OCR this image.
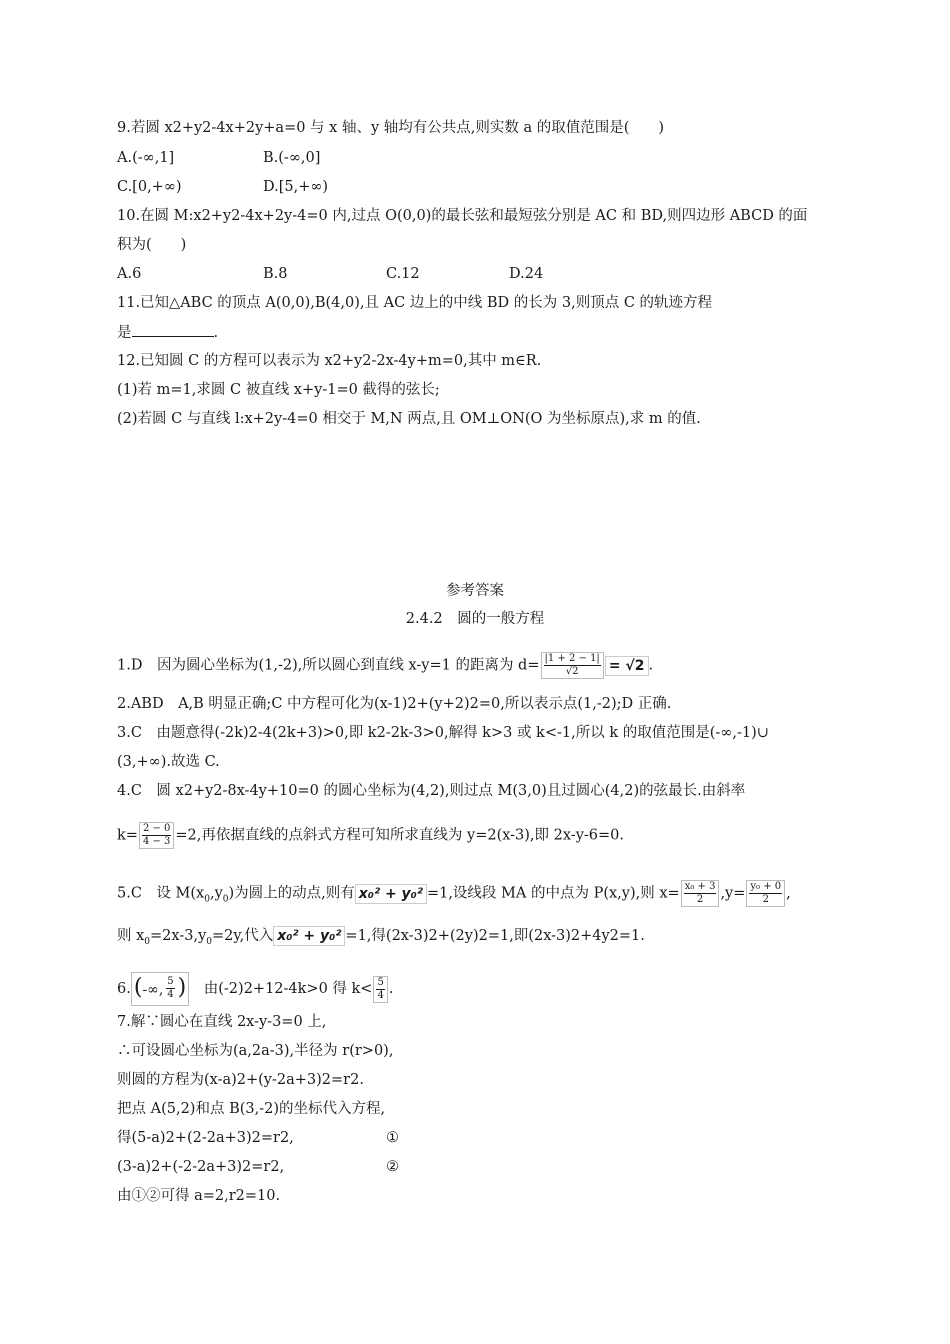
9.若圆 x2+y2-4x+2y+a=0 与 x 轴、y 轴均有公共点,则实数 a 的取值范围是(　　)
A.(-∞,1]	B.(-∞,0]
C.[0,+∞)	D.[5,+∞)
10.在圆 M:x2+y2-4x+2y-4=0 内,过点 O(0,0)的最长弦和最短弦分别是 AC 和 BD,则四边形 ABCD 的面
积为(　　)
A.6	B.8	C.12	D.24
11.已知△ABC 的顶点 A(0,0),B(4,0),且 AC 边上的中线 BD 的长为 3,则顶点 C 的轨迹方程
是	.
12.已知圆 C 的方程可以表示为 x2+y2-2x-4y+m=0,其中 m∈R.
(1)若 m=1,求圆 C 被直线 x+y-1=0 截得的弦长;
(2)若圆 C 与直线 l:x+2y-4=0 相交于 M,N 两点,且 OM⊥ON(O 为坐标原点),求 m 的值.
参考答案
2.4.2　圆的一般方程
1.D　因为圆心坐标为(1,-2),所以圆心到直线 x-y=1 的距离为 $d= \frac{|1 + 2 - 1|}{√2} = √2$ .
2.ABD　A,B 明显正确;C 中方程可化为(x-1)2+(y+2)2=0,所以表示点(1,-2);D 正确.
3.C　由题意得(-2k)2-4(2k+3)>0,即 k2-2k-3>0,解得 k>3 或 k<-1,所以 k 的取值范围是(-∞,-1)∪
(3,+∞).故选 C.
4.C　圆 x2+y2-8x-4y+10=0 的圆心坐标为(4,2),则过点 M(3,0)且过圆心(4,2)的弦最长.由斜率
$k= \frac{2 - 0}{4 - 3} =2$,再依据直线的点斜式方程可知所求直线为 y=2(x-3),即 2x-y-6=0.
5.C　设 $M(x_0,y_0)$为圆上的动点,则有 x₀² + y₀² =1,设线段 MA 的中点为 P(x,y),则 $x= \frac{\text{x₀ + 3}}{2} ,y= \frac{\text{y₀ + 0}}{2}$ ,
则 $x_0=2x-3,y_0=2y$,代入 x₀² + y₀² =1,得(2x-3)2+(2y)2=1,即(2x-3)2+4y2=1.
6. (-∞, $\frac{5}{4}$ )　由(-2)2+12-4k>0 得 $k< \frac{5}{4}$ .
7.解∵圆心在直线 2x-y-3=0 上,
∴可设圆心坐标为(a,2a-3),半径为 r(r>0),
则圆的方程为(x-a)2+(y-2a+3)2=r2.
把点 A(5,2)和点 B(3,-2)的坐标代入方程,
得(5-a)2+(2-2a+3)2=r2,	①
(3-a)2+(-2-2a+3)2=r2,	②
由①②可得 a=2,r2=10.
